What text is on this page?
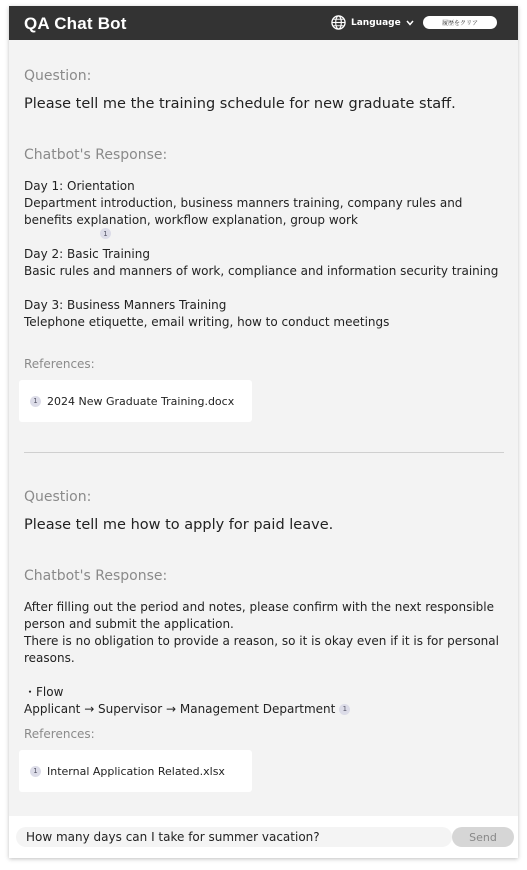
QA Chat Bot	Language	履歴をクリア
Question:
Please tell me the training schedule for new graduate staff.
Chatbot's Response:
Day 1: Orientation
Department introduction, business manners training, company rules and
benefits explanation, workflow explanation, group work
1
Day 2: Basic Training
Basic rules and manners of work, compliance and information security training
Day 3: Business Manners Training
Telephone etiquette, email writing, how to conduct meetings
References:
1 2024 New Graduate Training.docx
Question:
Please tell me how to apply for paid leave.
Chatbot's Response:
After filling out the period and notes, please confirm with the next responsible
person and submit the application.
There is no obligation to provide a reason, so it is okay even if it is for personal
reasons.
・Flow
Applicant → Supervisor → Management Department 1
References:
1 Internal Application Related.xlsx
How many days can I take for summer vacation?
Send
